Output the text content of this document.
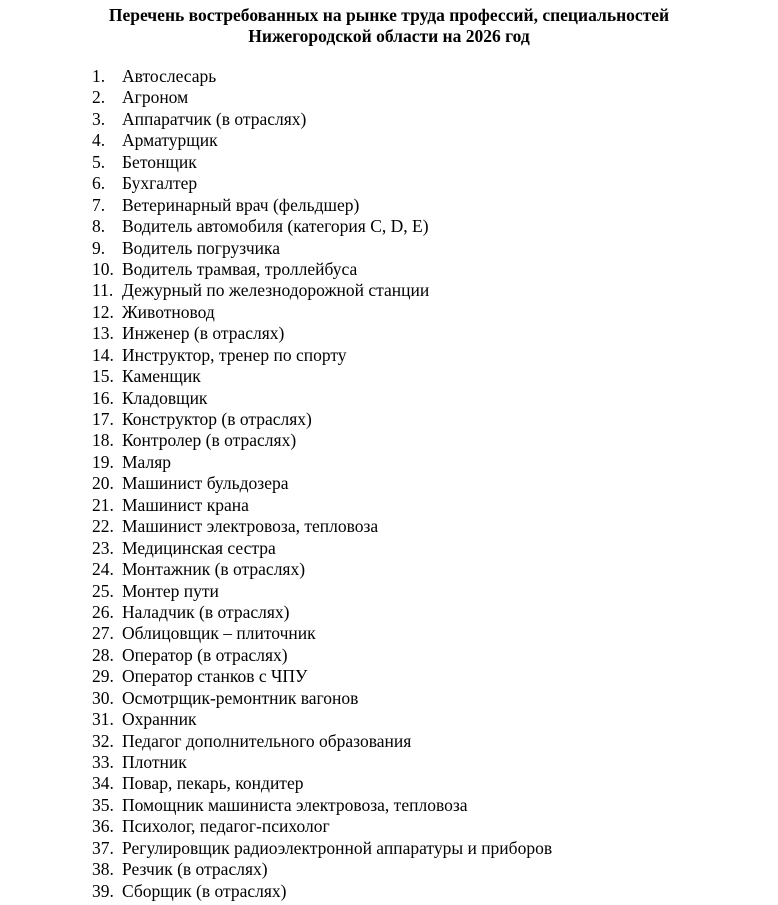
Перечень востребованных на рынке труда профессий, специальностей
Нижегородской области на 2026 год
1. Автослесарь
2. Агроном
3. Аппаратчик (в отраслях)
4. Арматурщик
5. Бетонщик
6. Бухгалтер
7. Ветеринарный врач (фельдшер)
8. Водитель автомобиля (категория C, D, E)
9. Водитель погрузчика
10. Водитель трамвая, троллейбуса
11. Дежурный по железнодорожной станции
12. Животновод
13. Инженер (в отраслях)
14. Инструктор, тренер по спорту
15. Каменщик
16. Кладовщик
17. Конструктор (в отраслях)
18. Контролер (в отраслях)
19. Маляр
20. Машинист бульдозера
21. Машинист крана
22. Машинист электровоза, тепловоза
23. Медицинская сестра
24. Монтажник (в отраслях)
25. Монтер пути
26. Наладчик (в отраслях)
27. Облицовщик – плиточник
28. Оператор (в отраслях)
29. Оператор станков с ЧПУ
30. Осмотрщик-ремонтник вагонов
31. Охранник
32. Педагог дополнительного образования
33. Плотник
34. Повар, пекарь, кондитер
35. Помощник машиниста электровоза, тепловоза
36. Психолог, педагог-психолог
37. Регулировщик радиоэлектронной аппаратуры и приборов
38. Резчик (в отраслях)
39. Сборщик (в отраслях)
